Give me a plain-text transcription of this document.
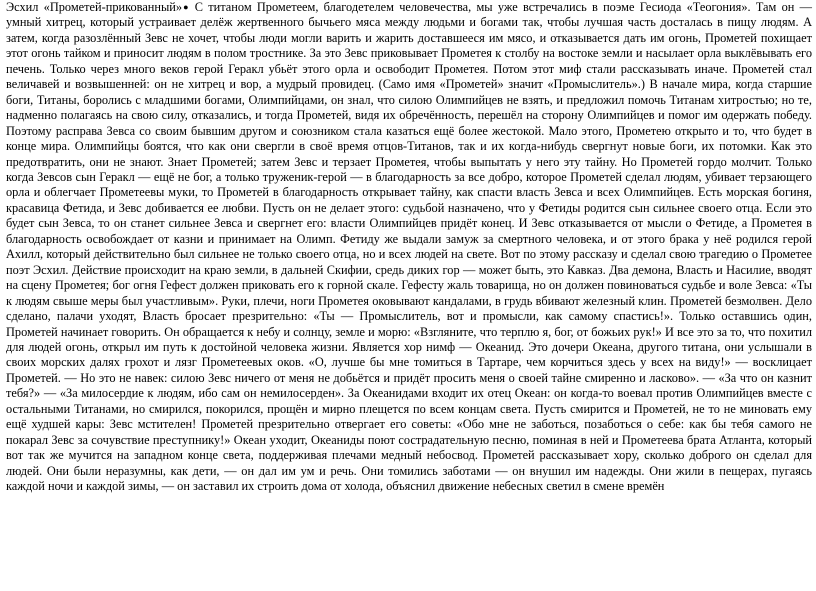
Эсхил «Прометей-прикованный»● С титаном Прометеем, благодетелем человечества, мы уже встречались в поэме Гесиода «Теогония». Там он — умный хитрец, который устраивает делёж жертвенного бычьего мяса между людьми и богами так, чтобы лучшая часть досталась в пищу людям. А затем, когда разозлённый Зевс не хочет, чтобы люди могли варить и жарить доставшееся им мясо, и отказывается дать им огонь, Прометей похищает этот огонь тайком и приносит людям в полом тростнике. За это Зевс приковывает Прометея к столбу на востоке земли и насылает орла выклёвывать его печень. Только через много веков герой Геракл убьёт этого орла и освободит Прометея. Потом этот миф стали рассказывать иначе. Прометей стал величавей и возвышенней: он не хитрец и вор, а мудрый провидец. (Само имя «Прометей» значит «Промыслитель».) В начале мира, когда старшие боги, Титаны, боролись с младшими богами, Олимпийцами, он знал, что силою Олимпийцев не взять, и предложил помочь Титанам хитростью; но те, надменно полагаясь на свою силу, отказались, и тогда Прометей, видя их обречённость, перешёл на сторону Олимпийцев и помог им одержать победу. Поэтому расправа Зевса со своим бывшим другом и союзником стала казаться ещё более жестокой. Мало этого, Прометею открыто и то, что будет в конце мира. Олимпийцы боятся, что как они свергли в своё время отцов-Титанов, так и их когда-нибудь свергнут новые боги, их потомки. Как это предотвратить, они не знают. Знает Прометей; затем Зевс и терзает Прометея, чтобы выпытать у него эту тайну. Но Прометей гордо молчит. Только когда Зевсов сын Геракл — ещё не бог, а только труженик-герой — в благодарность за все добро, которое Прометей сделал людям, убивает терзающего орла и облегчает Прометеевы муки, то Прометей в благодарность открывает тайну, как спасти власть Зевса и всех Олимпийцев. Есть морская богиня, красавица Фетида, и Зевс добивается ее любви. Пусть он не делает этого: судьбой назначено, что у Фетиды родится сын сильнее своего отца. Если это будет сын Зевса, то он станет сильнее Зевса и свергнет его: власти Олимпийцев придёт конец. И Зевс отказывается от мысли о Фетиде, а Прометея в благодарность освобождает от казни и принимает на Олимп. Фетиду же выдали замуж за смертного человека, и от этого брака у неё родился герой Ахилл, который действительно был сильнее не только своего отца, но и всех людей на свете. Вот по этому рассказу и сделал свою трагедию о Прометее поэт Эсхил. Действие происходит на краю земли, в дальней Скифии, средь диких гор — может быть, это Кавказ. Два демона, Власть и Насилие, вводят на сцену Прометея; бог огня Гефест должен приковать его к горной скале. Гефесту жаль товарища, но он должен повиноваться судьбе и воле Зевса: «Ты к людям свыше меры был участливым». Руки, плечи, ноги Прометея оковывают кандалами, в грудь вбивают железный клин. Прометей безмолвен. Дело сделано, палачи уходят, Власть бросает презрительно: «Ты — Промыслитель, вот и промысли, как самому спастись!». Только оставшись один, Прометей начинает говорить. Он обращается к небу и солнцу, земле и морю: «Взгляните, что терплю я, бог, от божьих рук!» И все это за то, что похитил для людей огонь, открыл им путь к достойной человека жизни. Является хор нимф — Океанид. Это дочери Океана, другого титана, они услышали в своих морских далях грохот и лязг Прометеевых оков. «О, лучше бы мне томиться в Тартаре, чем корчиться здесь у всех на виду!» — восклицает Прометей. — Но это не навек: силою Зевс ничего от меня не добьётся и придёт просить меня о своей тайне смиренно и ласково». — «За что он казнит тебя?» — «За милосердие к людям, ибо сам он немилосерден». За Океанидами входит их отец Океан: он когда-то воевал против Олимпийцев вместе с остальными Титанами, но смирился, покорился, прощён и мирно плещется по всем концам света. Пусть смирится и Прометей, не то не миновать ему ещё худшей кары: Зевс мстителен! Прометей презрительно отвергает его советы: «Обо мне не заботься, позаботься о себе: как бы тебя самого не покарал Зевс за сочувствие преступнику!» Океан уходит, Океаниды поют сострадательную песню, поминая в ней и Прометеева брата Атланта, который вот так же мучится на западном конце света, поддерживая плечами медный небосвод. Прометей рассказывает хору, сколько доброго он сделал для людей. Они были неразумны, как дети, — он дал им ум и речь. Они томились заботами — он внушил им надежды. Они жили в пещерах, пугаясь каждой ночи и каждой зимы, — он заставил их строить дома от холода, объяснил движение небесных светил в смене времён
